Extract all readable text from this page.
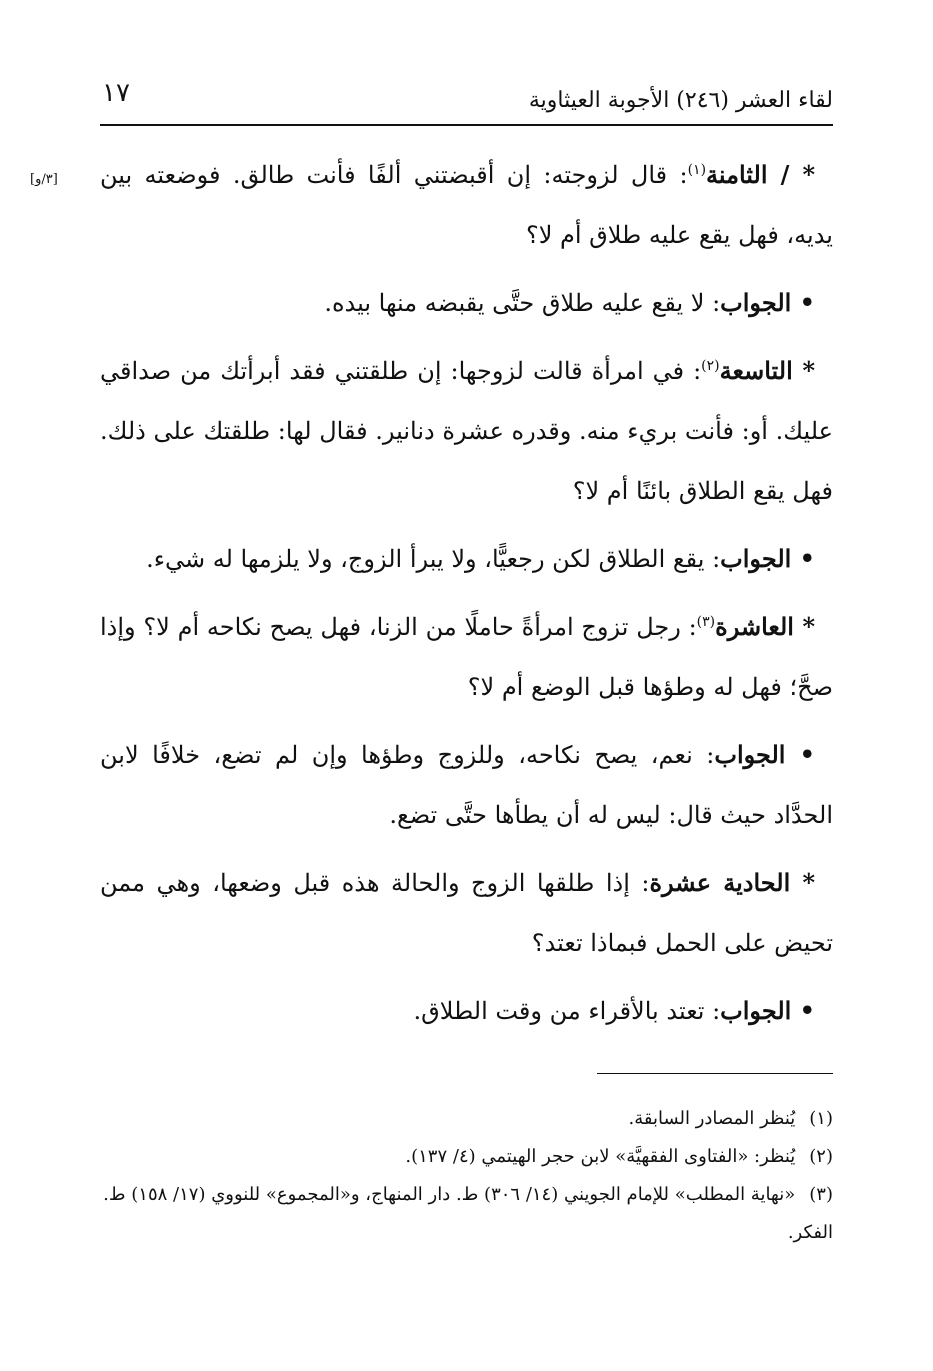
١٧	لقاء العشر (٢٤٦) الأجوبة العيثاوية
[٣/و]	* / الثامنة$^{(١)}$: قال لزوجته: إن أقبضتني ألفًا فأنت طالق. فوضعته بين يديه، فهل يقع عليه طلاق أم لا؟

• الجواب: لا يقع عليه طلاق حتَّى يقبضه منها بيده.

* التاسعة$^{(٢)}$: في امرأة قالت لزوجها: إن طلقتني فقد أبرأتك من صداقي عليك. أو: فأنت بريء منه. وقدره عشرة دنانير. فقال لها: طلقتك على ذلك. فهل يقع الطلاق بائنًا أم لا؟

• الجواب: يقع الطلاق لكن رجعيًّا، ولا يبرأ الزوج، ولا يلزمها له شيء.

* العاشرة$^{(٣)}$: رجل تزوج امرأةً حاملًا من الزنا، فهل يصح نكاحه أم لا؟ وإذا صحَّ؛ فهل له وطؤها قبل الوضع أم لا؟

• الجواب: نعم، يصح نكاحه، وللزوج وطؤها وإن لم تضع، خلافًا لابن الحدَّاد حيث قال: ليس له أن يطأها حتَّى تضع.

* الحادية عشرة: إذا طلقها الزوج والحالة هذه قبل وضعها، وهي ممن تحيض على الحمل فبماذا تعتد؟

• الجواب: تعتد بالأقراء من وقت الطلاق.

(١) يُنظر المصادر السابقة.

(٢) يُنظر: «الفتاوى الفقهيَّة» لابن حجر الهيتمي (٤/ ١٣٧).

(٣) «نهاية المطلب» للإمام الجويني (١٤/ ٣٠٦) ط. دار المنهاج، و«المجموع» للنووي (١٧/ ١٥٨) ط. الفكر.
